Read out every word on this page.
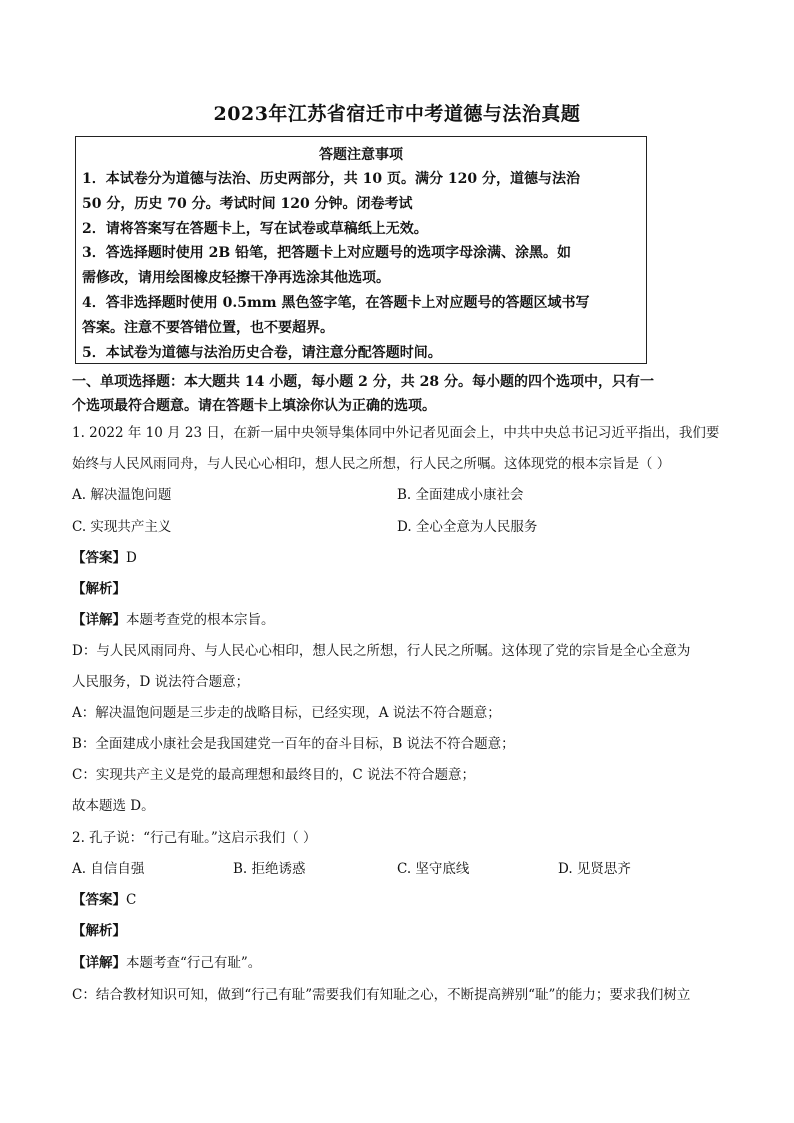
2023年江苏省宿迁市中考道德与法治真题
答题注意事项
1．本试卷分为道德与法治、历史两部分，共 10 页。满分 120 分，道德与法治
50 分，历史 70 分。考试时间 120 分钟。闭卷考试
2．请将答案写在答题卡上，写在试卷或草稿纸上无效。
3．答选择题时使用 2B 铅笔，把答题卡上对应题号的选项字母涂满、涂黑。如
需修改，请用绘图橡皮轻擦干净再选涂其他选项。
4．答非选择题时使用 0.5mm 黑色签字笔，在答题卡上对应题号的答题区域书写
答案。注意不要答错位置，也不要超界。
5．本试卷为道德与法治历史合卷，请注意分配答题时间。
一、单项选择题：本大题共 14 小题，每小题 2 分，共 28 分。每小题的四个选项中，只有一
个选项最符合题意。请在答题卡上填涂你认为正确的选项。
1. 2022 年 10 月 23 日，在新一届中央领导集体同中外记者见面会上，中共中央总书记习近平指出，我们要
始终与人民风雨同舟，与人民心心相印，想人民之所想，行人民之所嘱。这体现党的根本宗旨是（ ）
A. 解决温饱问题	B. 全面建成小康社会
C. 实现共产主义	D. 全心全意为人民服务
【答案】D
【解析】
【详解】本题考查党的根本宗旨。
D：与人民风雨同舟、与人民心心相印，想人民之所想，行人民之所嘱。这体现了党的宗旨是全心全意为
人民服务，D 说法符合题意；
A：解决温饱问题是三步走的战略目标，已经实现，A 说法不符合题意；
B：全面建成小康社会是我国建党一百年的奋斗目标，B 说法不符合题意；
C：实现共产主义是党的最高理想和最终目的，C 说法不符合题意；
故本题选 D。
2. 孔子说：“行己有耻。”这启示我们（ ）
A. 自信自强	B. 拒绝诱惑	C. 坚守底线	D. 见贤思齐
【答案】C
【解析】
【详解】本题考查“行己有耻”。
C：结合教材知识可知，做到“行己有耻”需要我们有知耻之心，不断提高辨别“耻”的能力；要求我们树立
